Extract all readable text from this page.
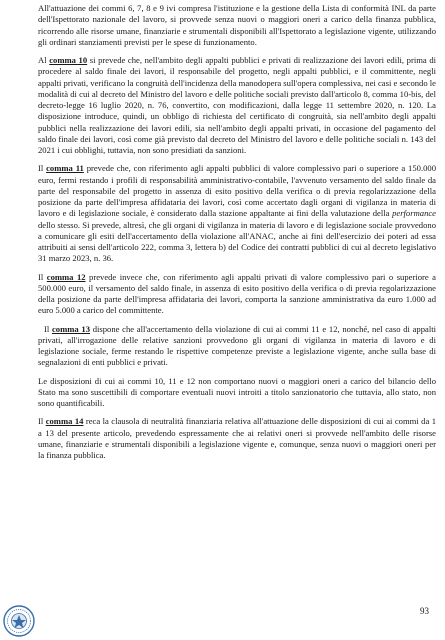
All'attuazione dei commi 6, 7, 8 e 9 ivi compresa l'istituzione e la gestione della Lista di conformità INL da parte dell'Ispettorato nazionale del lavoro, si provvede senza nuovi o maggiori oneri a carico della finanza pubblica, ricorrendo alle risorse umane, finanziarie e strumentali disponibili all'Ispettorato a legislazione vigente, utilizzando gli ordinari stanziamenti previsti per le spese di funzionamento.

Al comma 10 si prevede che, nell'ambito degli appalti pubblici e privati di realizzazione dei lavori edili, prima di procedere al saldo finale dei lavori, il responsabile del progetto, negli appalti pubblici, e il committente, negli appalti privati, verificano la congruità dell'incidenza della manodopera sull'opera complessiva, nei casi e secondo le modalità di cui al decreto del Ministro del lavoro e delle politiche sociali previsto dall'articolo 8, comma 10-bis, del decreto-legge 16 luglio 2020, n. 76, convertito, con modificazioni, dalla legge 11 settembre 2020, n. 120. La disposizione introduce, quindi, un obbligo di richiesta del certificato di congruità, sia nell'ambito degli appalti pubblici nella realizzazione dei lavori edili, sia nell'ambito degli appalti privati, in occasione del pagamento del saldo finale dei lavori, così come già previsto dal decreto del Ministro del lavoro e delle politiche sociali n. 143 del 2021 i cui obblighi, tuttavia, non sono presidiati da sanzioni.

Il comma 11 prevede che, con riferimento agli appalti pubblici di valore complessivo pari o superiore a 150.000 euro, fermi restando i profili di responsabilità amministrativo-contabile, l'avvenuto versamento del saldo finale da parte del responsabile del progetto in assenza di esito positivo della verifica o di previa regolarizzazione della posizione da parte dell'impresa affidataria dei lavori, così come accertato dagli organi di vigilanza in materia di lavoro e di legislazione sociale, è considerato dalla stazione appaltante ai fini della valutazione della performance dello stesso. Si prevede, altresì, che gli organi di vigilanza in materia di lavoro e di legislazione sociale provvedono a comunicare gli esiti dell'accertamento della violazione all'ANAC, anche ai fini dell'esercizio dei poteri ad essa attribuiti ai sensi dell'articolo 222, comma 3, lettera b) del Codice dei contratti pubblici di cui al decreto legislativo 31 marzo 2023, n. 36.

Il comma 12 prevede invece che, con riferimento agli appalti privati di valore complessivo pari o superiore a 500.000 euro, il versamento del saldo finale, in assenza di esito positivo della verifica o di previa regolarizzazione della posizione da parte dell'impresa affidataria dei lavori, comporta la sanzione amministrativa da euro 1.000 ad euro 5.000 a carico del committente.

Il comma 13 dispone che all'accertamento della violazione di cui ai commi 11 e 12, nonché, nel caso di appalti privati, all'irrogazione delle relative sanzioni provvedono gli organi di vigilanza in materia di lavoro e di legislazione sociale, ferme restando le rispettive competenze previste a legislazione vigente, anche sulla base di segnalazioni di enti pubblici e privati.

Le disposizioni di cui ai commi 10, 11 e 12 non comportano nuovi o maggiori oneri a carico del bilancio dello Stato ma sono suscettibili di comportare eventuali nuovi introiti a titolo sanzionatorio che tuttavia, allo stato, non sono quantificabili.

Il comma 14 reca la clausola di neutralità finanziaria relativa all'attuazione delle disposizioni di cui ai commi da 1 a 13 del presente articolo, prevedendo espressamente che ai relativi oneri si provvede nell'ambito delle risorse umane, finanziarie e strumentali disponibili a legislazione vigente e, comunque, senza nuovi o maggiori oneri per la finanza pubblica.

93
